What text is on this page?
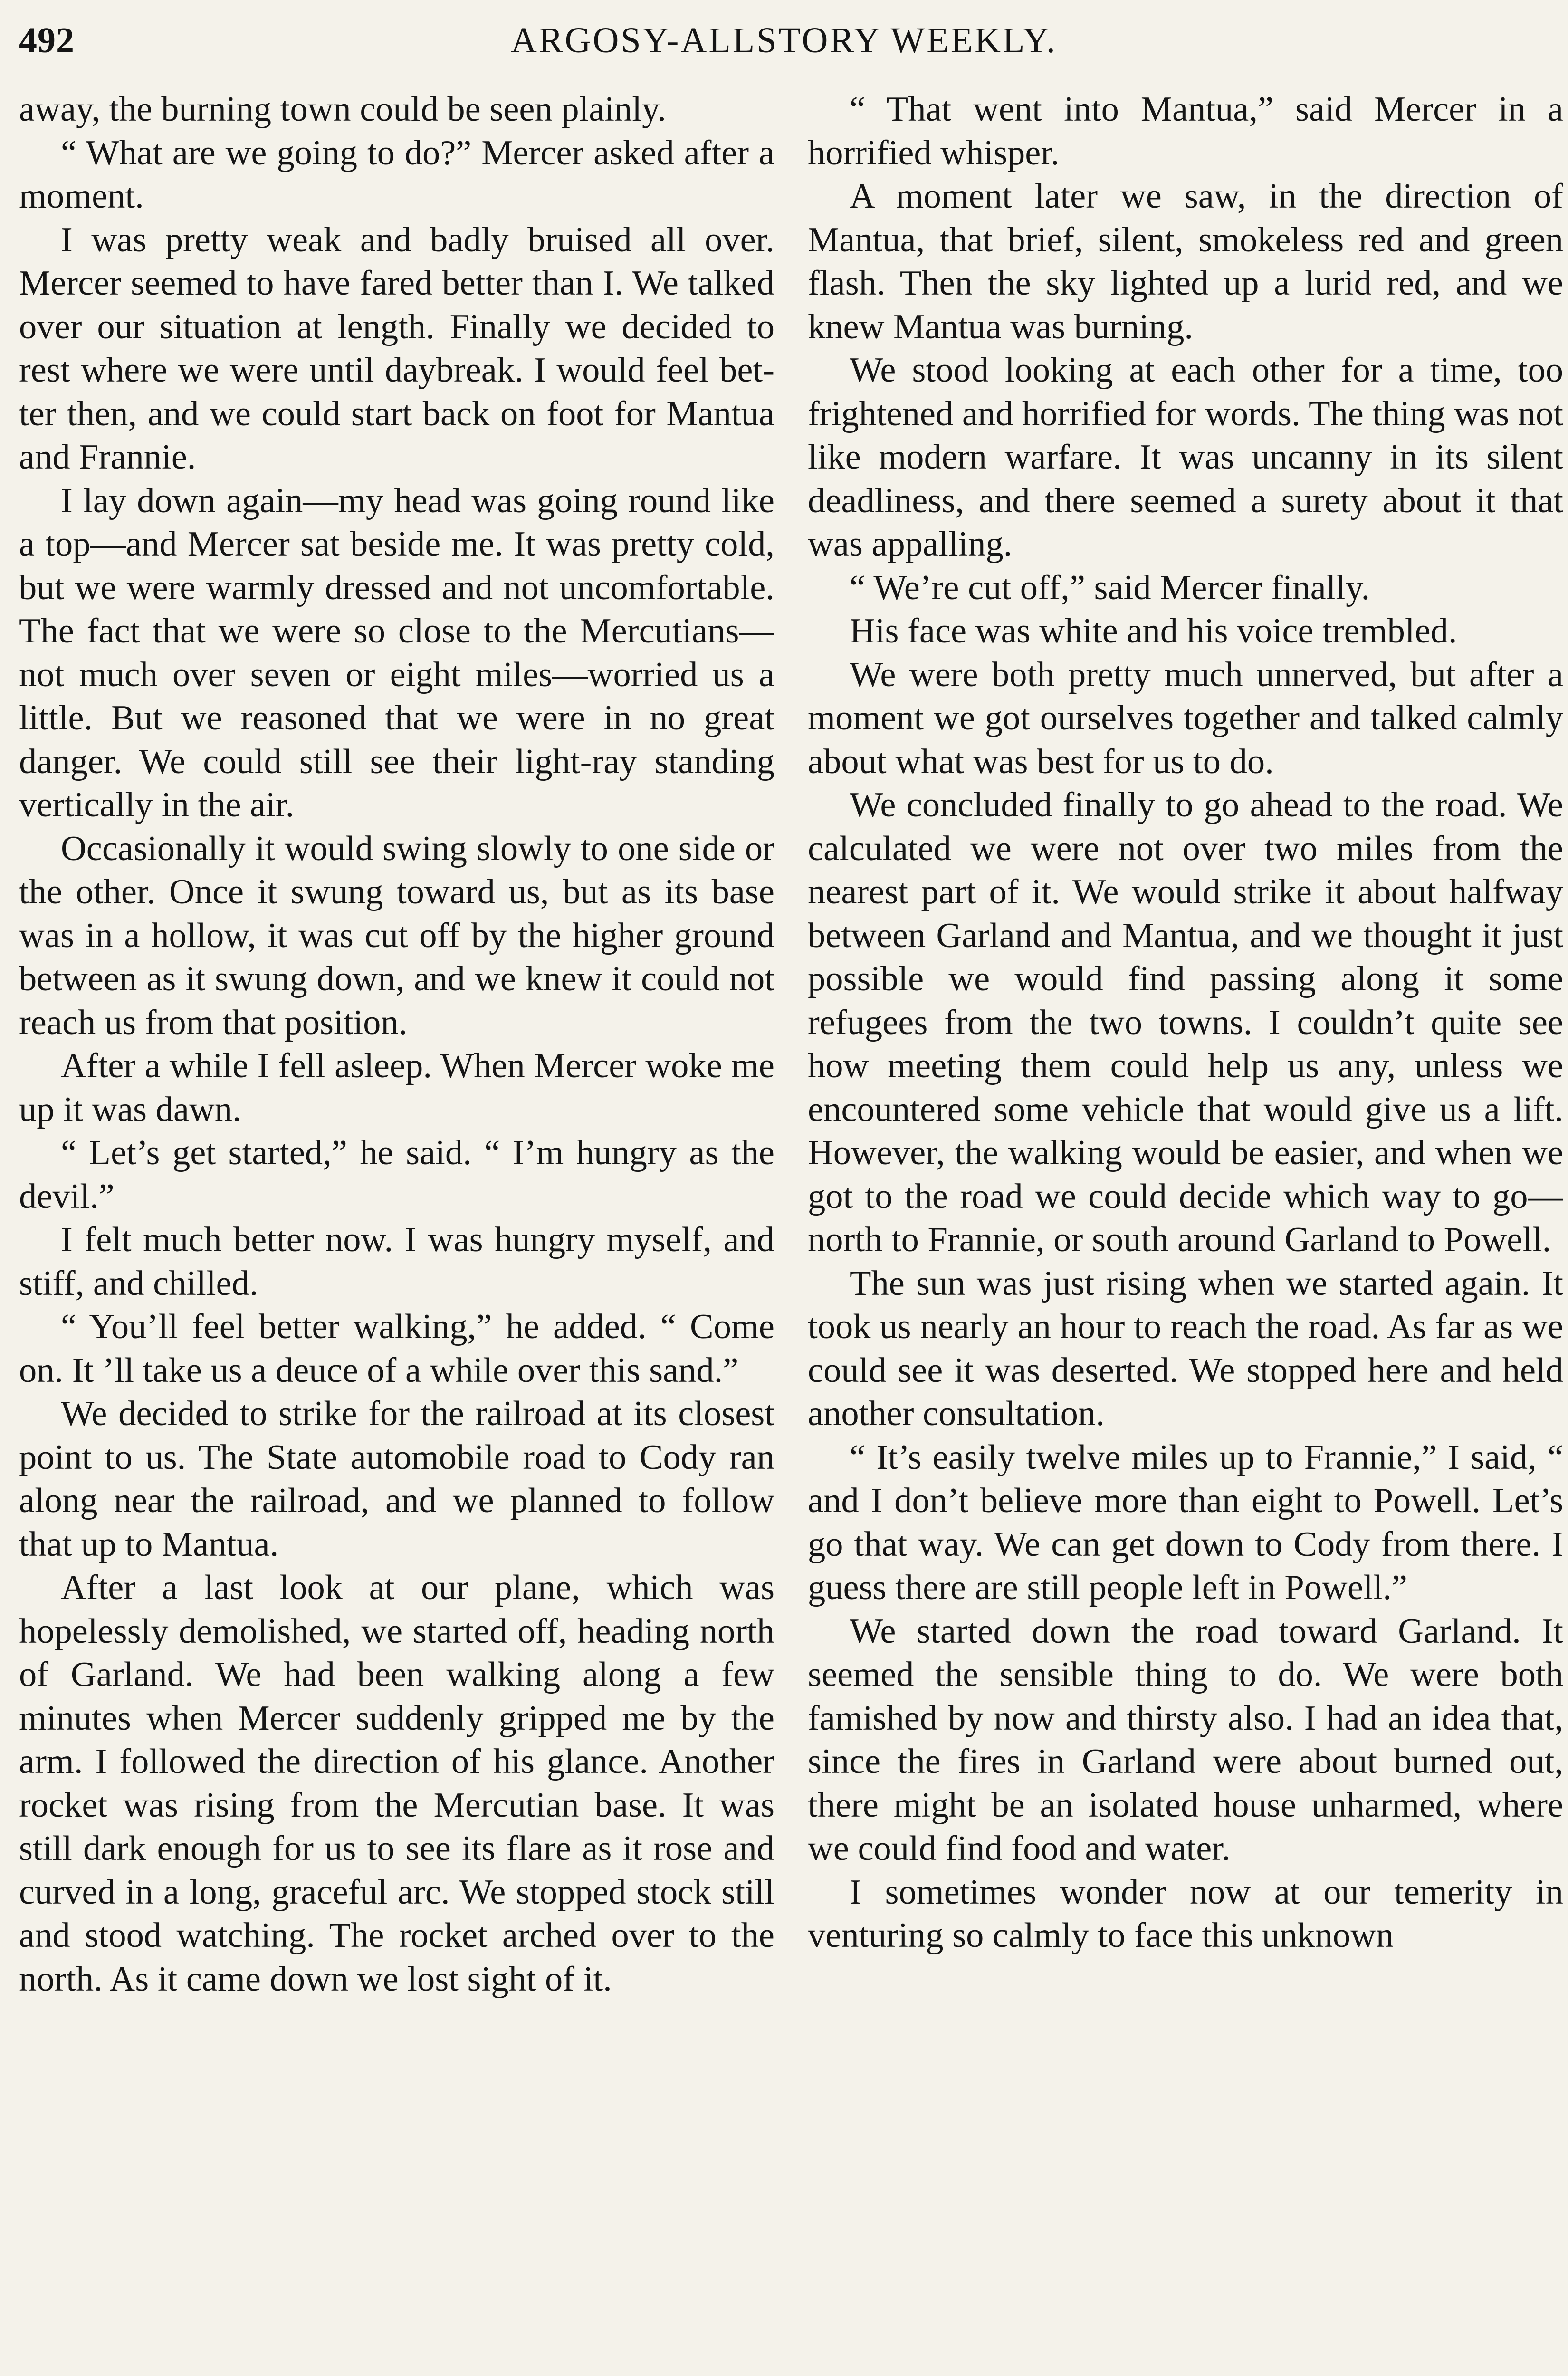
492	ARGOSY-ALLSTORY WEEKLY.

away, the burning town could be seen plainly.

“ What are we going to do?” Mercer asked after a moment.

I was pretty weak and badly bruised all over. Mercer seemed to have fared better than I. We talked over our situation at length. Finally we decided to rest where we were until daybreak. I would feel better then, and we could start back on foot for Mantua and Frannie.

I lay down again—my head was going round like a top—and Mercer sat beside me. It was pretty cold, but we were warmly dressed and not uncomfortable. The fact that we were so close to the Mercutians—not much over seven or eight miles—worried us a little. But we reasoned that we were in no great danger. We could still see their light-ray standing vertically in the air.

Occasionally it would swing slowly to one side or the other. Once it swung toward us, but as its base was in a hollow, it was cut off by the higher ground between as it swung down, and we knew it could not reach us from that position.

After a while I fell asleep. When Mercer woke me up it was dawn.

“ Let’s get started,” he said. “ I’m hungry as the devil.”

I felt much better now. I was hungry myself, and stiff, and chilled.

“ You’ll feel better walking,” he added. “ Come on. It ’ll take us a deuce of a while over this sand.”

We decided to strike for the railroad at its closest point to us. The State automobile road to Cody ran along near the railroad, and we planned to follow that up to Mantua.

After a last look at our plane, which was hopelessly demolished, we started off, heading north of Garland. We had been walking along a few minutes when Mercer suddenly gripped me by the arm. I followed the direction of his glance. Another rocket was rising from the Mercutian base. It was still dark enough for us to see its flare as it rose and curved in a long, graceful arc. We stopped stock still and stood watching. The rocket arched over to the north. As it came down we lost sight of it.

“ That went into Mantua,” said Mercer in a horrified whisper.

A moment later we saw, in the direction of Mantua, that brief, silent, smokeless red and green flash. Then the sky lighted up a lurid red, and we knew Mantua was burning.

We stood looking at each other for a time, too frightened and horrified for words. The thing was not like modern warfare. It was uncanny in its silent deadliness, and there seemed a surety about it that was appalling.

“ We’re cut off,” said Mercer finally.

His face was white and his voice trembled.

We were both pretty much unnerved, but after a moment we got ourselves together and talked calmly about what was best for us to do.

We concluded finally to go ahead to the road. We calculated we were not over two miles from the nearest part of it. We would strike it about halfway between Garland and Mantua, and we thought it just possible we would find passing along it some refugees from the two towns. I couldn’t quite see how meeting them could help us any, unless we encountered some vehicle that would give us a lift. However, the walking would be easier, and when we got to the road we could decide which way to go—north to Frannie, or south around Garland to Powell.

The sun was just rising when we started again. It took us nearly an hour to reach the road. As far as we could see it was deserted. We stopped here and held another consultation.

“ It’s easily twelve miles up to Frannie,” I said, “ and I don’t believe more than eight to Powell. Let’s go that way. We can get down to Cody from there. I guess there are still people left in Powell.”

We started down the road toward Garland. It seemed the sensible thing to do. We were both famished by now and thirsty also. I had an idea that, since the fires in Garland were about burned out, there might be an isolated house unharmed, where we could find food and water.

I sometimes wonder now at our temerity in venturing so calmly to face this unknown
